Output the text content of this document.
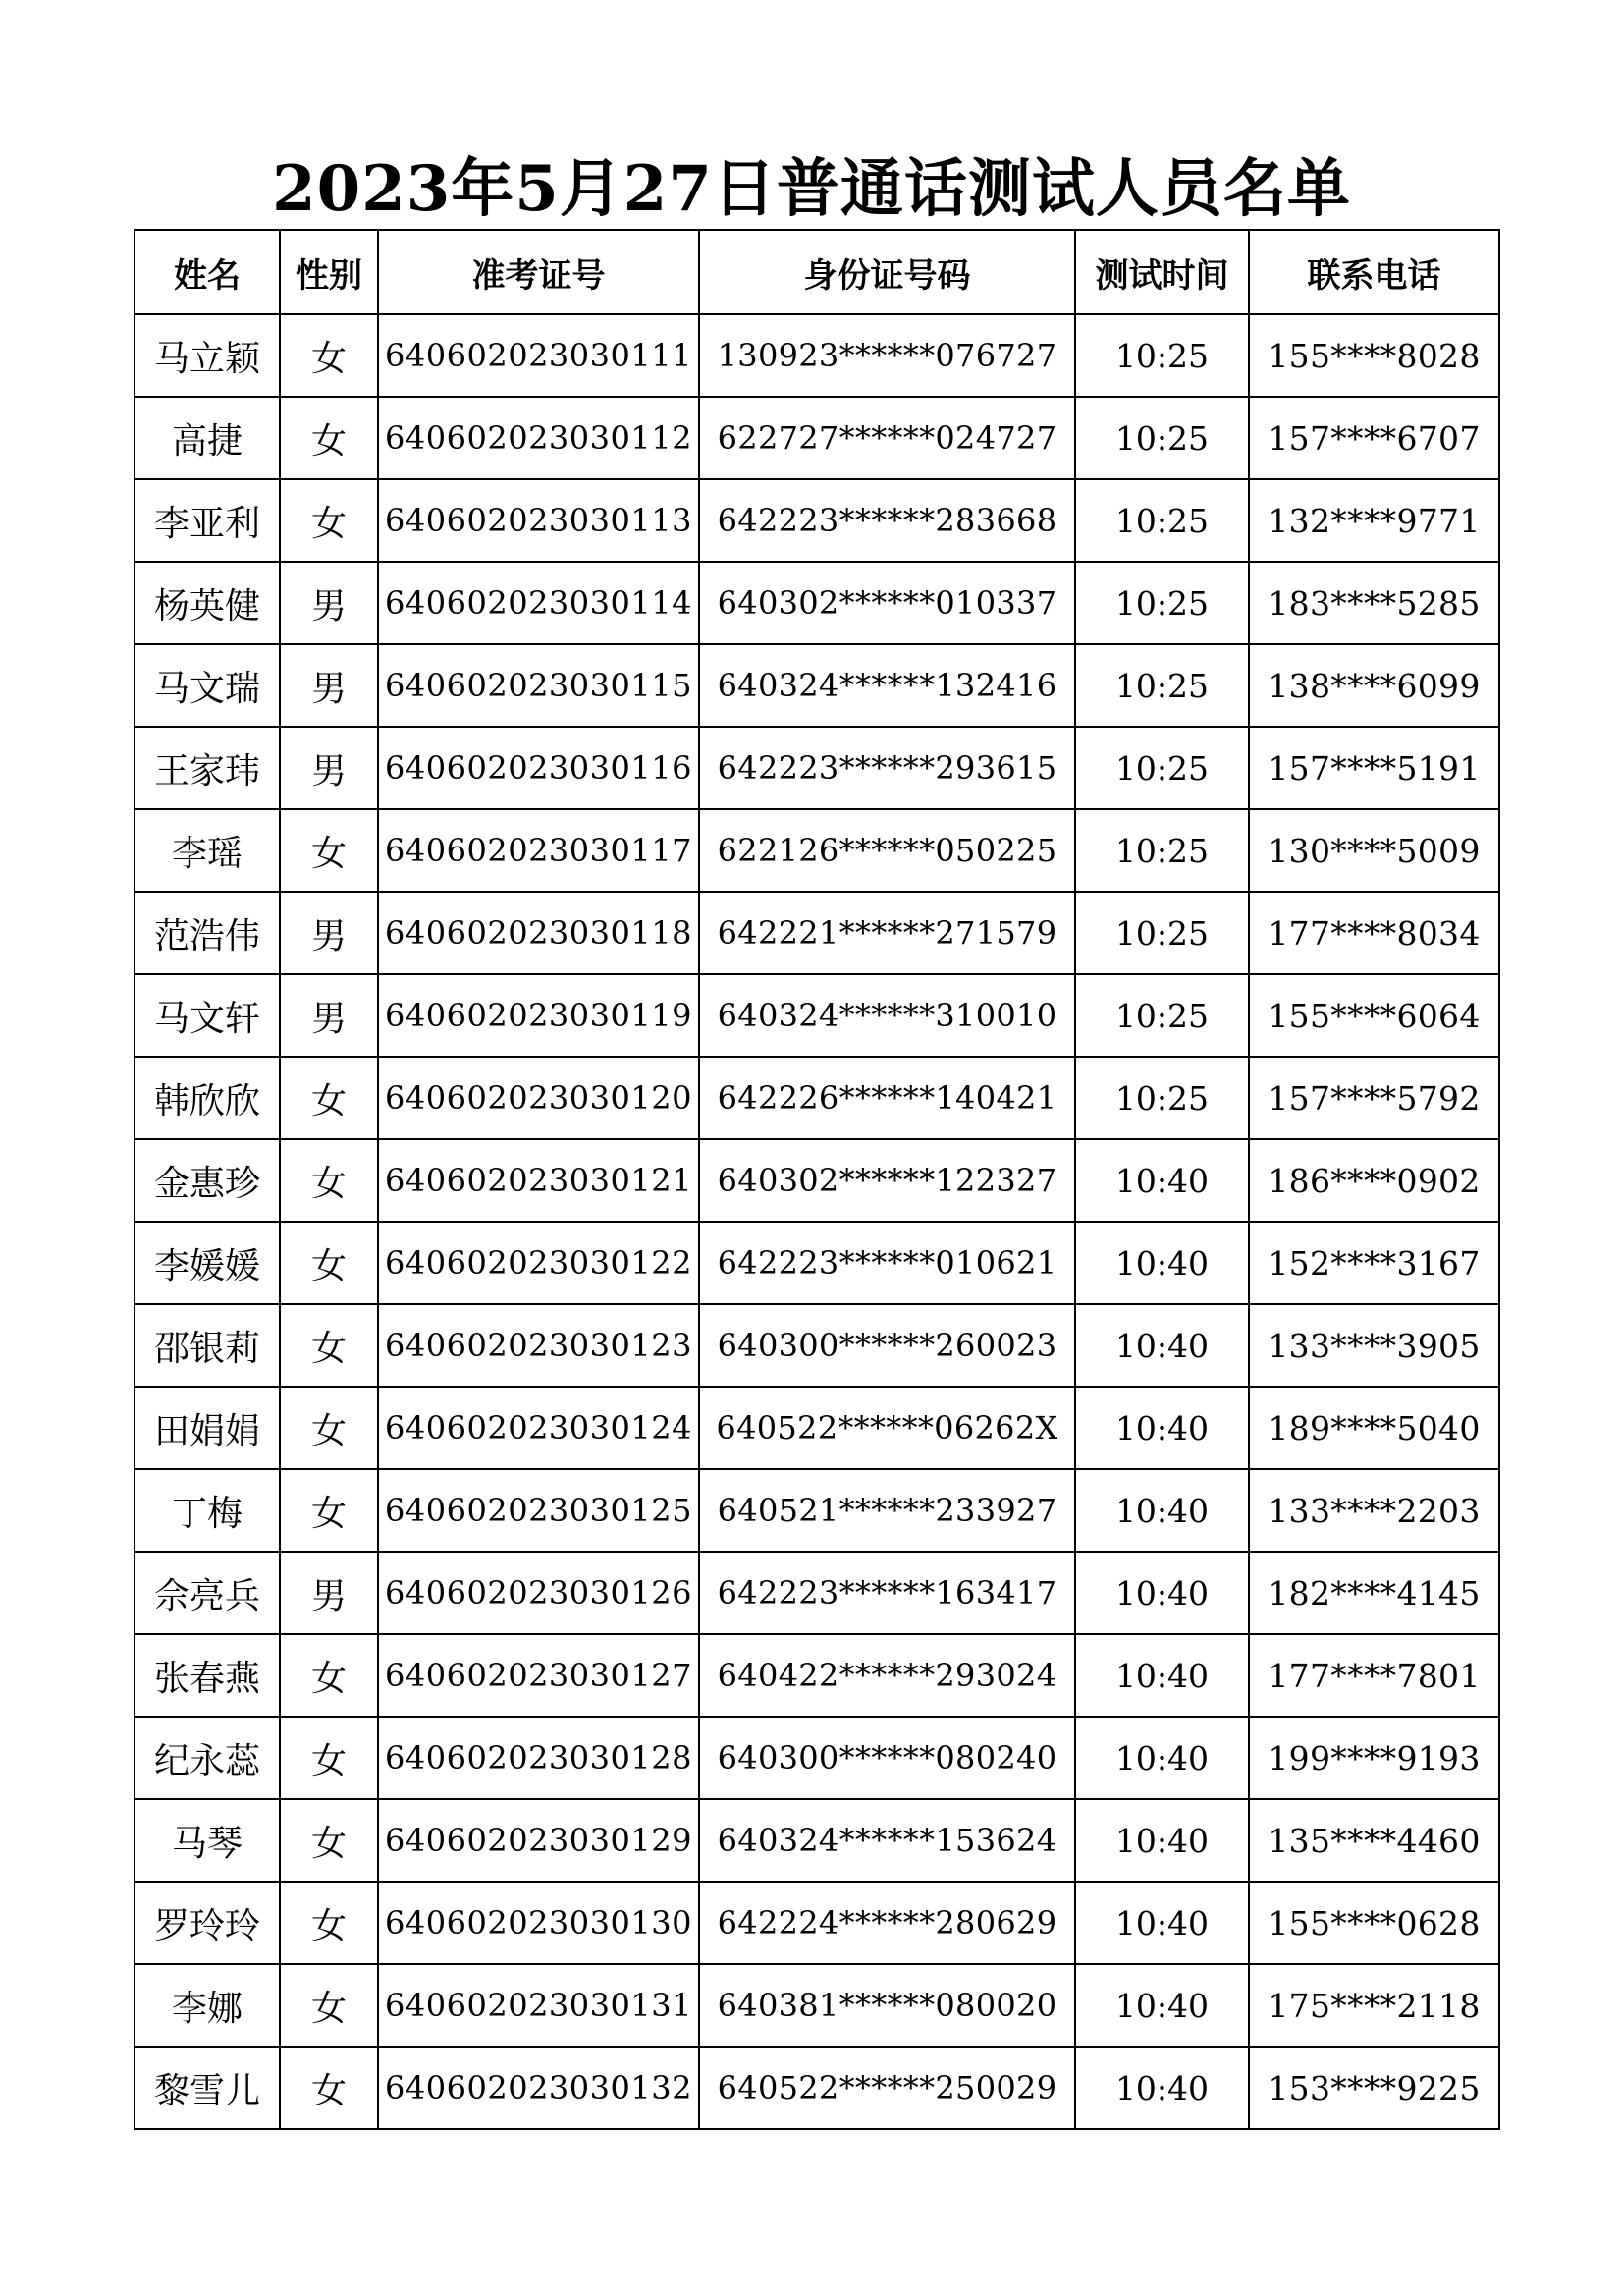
2023年5月27日普通话测试人员名单
姓名	性别	准考证号	身份证号码	测试时间	联系电话
马立颖	女	640602023030111	130923******076727	10:25	155****8028
高捷	女	640602023030112	622727******024727	10:25	157****6707
李亚利	女	640602023030113	642223******283668	10:25	132****9771
杨英健	男	640602023030114	640302******010337	10:25	183****5285
马文瑞	男	640602023030115	640324******132416	10:25	138****6099
王家玮	男	640602023030116	642223******293615	10:25	157****5191
李瑶	女	640602023030117	622126******050225	10:25	130****5009
范浩伟	男	640602023030118	642221******271579	10:25	177****8034
马文轩	男	640602023030119	640324******310010	10:25	155****6064
韩欣欣	女	640602023030120	642226******140421	10:25	157****5792
金惠珍	女	640602023030121	640302******122327	10:40	186****0902
李媛媛	女	640602023030122	642223******010621	10:40	152****3167
邵银莉	女	640602023030123	640300******260023	10:40	133****3905
田娟娟	女	640602023030124	640522******06262X	10:40	189****5040
丁梅	女	640602023030125	640521******233927	10:40	133****2203
佘亮兵	男	640602023030126	642223******163417	10:40	182****4145
张春燕	女	640602023030127	640422******293024	10:40	177****7801
纪永蕊	女	640602023030128	640300******080240	10:40	199****9193
马琴	女	640602023030129	640324******153624	10:40	135****4460
罗玲玲	女	640602023030130	642224******280629	10:40	155****0628
李娜	女	640602023030131	640381******080020	10:40	175****2118
黎雪儿	女	640602023030132	640522******250029	10:40	153****9225
